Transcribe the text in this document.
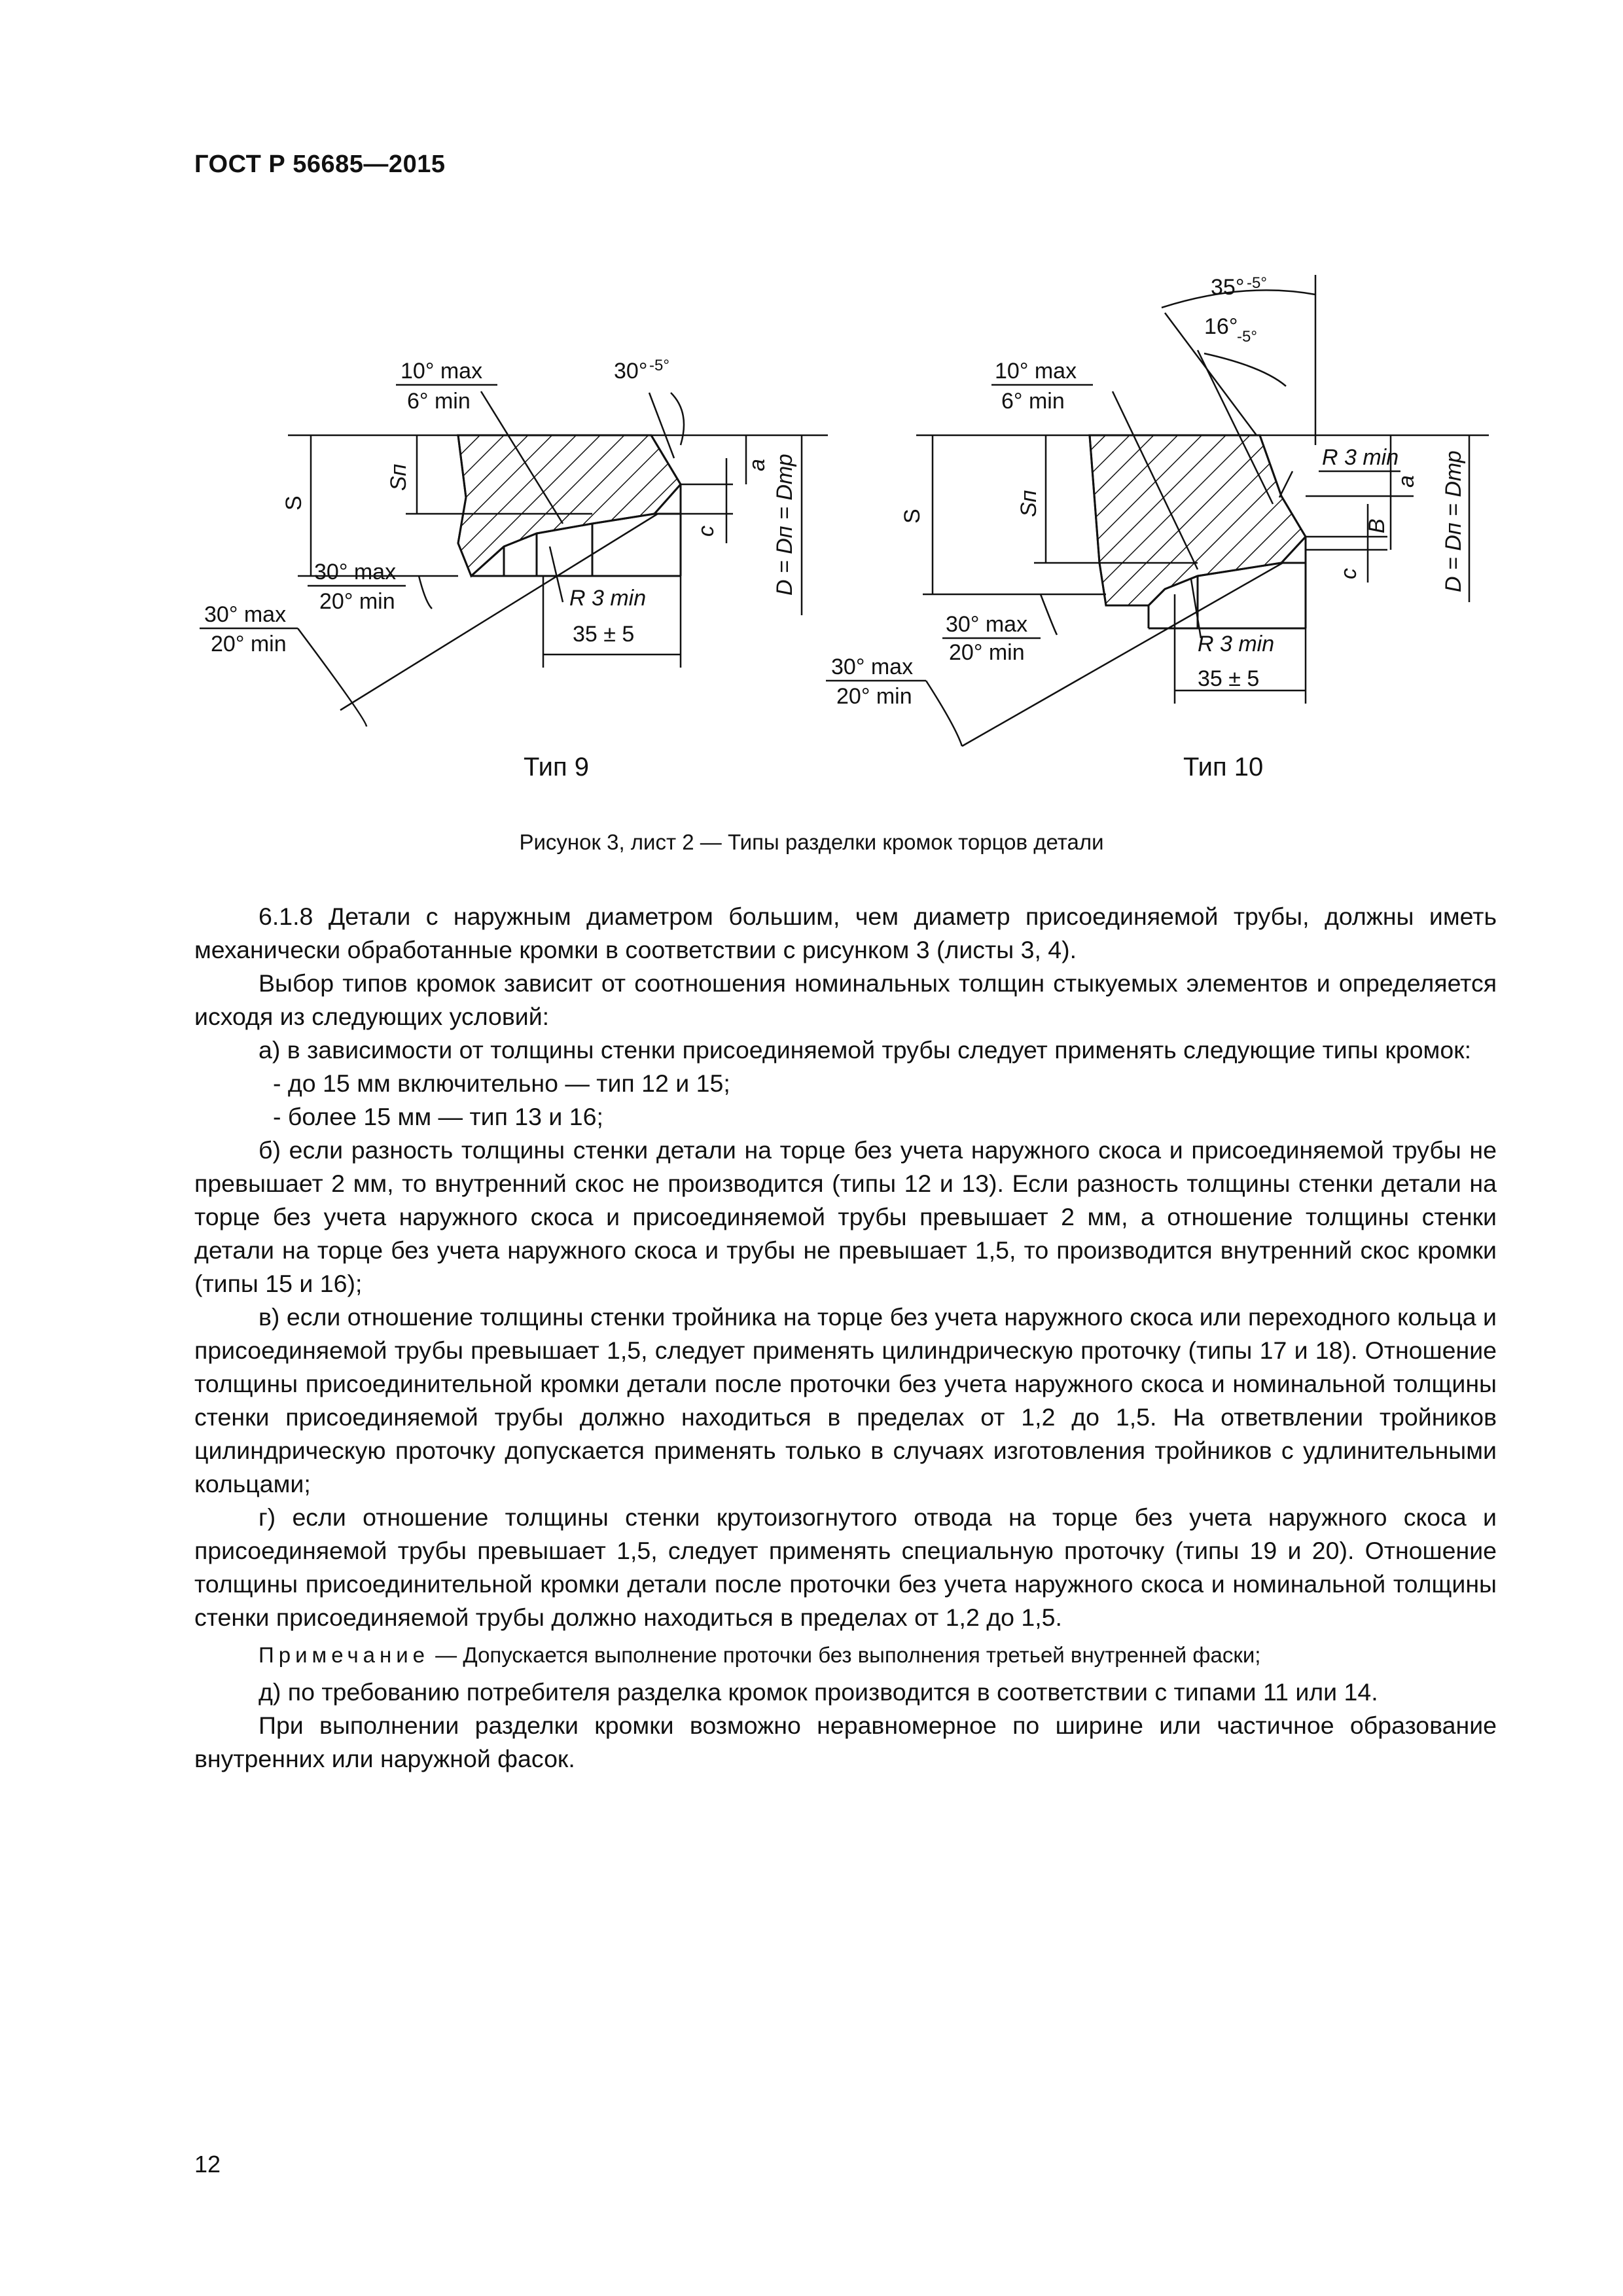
ГОСТ Р 56685—2015
10° max
6° min
30° -5°
30° max
20° min
30° max
20° min
R 3 min
35 ± 5
S
Sп	a
c D = Dп = Dтр
Тип 9
35° -5°
16°
-5°
10° max
6° min
R 3 min
30° max
20° min
30° max
20° min
R 3 min
35 ± 5
S	Sп
a
B
c	D = Dп = Dтр
Тип 10
Рисунок 3, лист 2 — Типы разделки кромок торцов детали

6.1.8 Детали с наружным диаметром большим, чем диаметр присоединяемой трубы, должны иметь механически обработанные кромки в соответствии с рисунком 3 (листы 3, 4).

Выбор типов кромок зависит от соотношения номинальных толщин стыкуемых элементов и определяется исходя из следующих условий:

а) в зависимости от толщины стенки присоединяемой трубы следует применять следующие типы кромок:

- до 15 мм включительно — тип 12 и 15;

- более 15 мм — тип 13 и 16;

б) если разность толщины стенки детали на торце без учета наружного скоса и присоединяемой трубы не превышает 2 мм, то внутренний скос не производится (типы 12 и 13). Если разность толщины стенки детали на торце без учета наружного скоса и присоединяемой трубы превышает 2 мм, а отношение толщины стенки детали на торце без учета наружного скоса и трубы не превышает 1,5, то производится внутренний скос кромки (типы 15 и 16);

в) если отношение толщины стенки тройника на торце без учета наружного скоса или переходного кольца и присоединяемой трубы превышает 1,5, следует применять цилиндрическую проточку (типы 17 и 18). Отношение толщины присоединительной кромки детали после проточки без учета наружного скоса и номинальной толщины стенки присоединяемой трубы должно находиться в пределах от 1,2 до 1,5. На ответвлении тройников цилиндрическую проточку допускается применять только в случаях изготовления тройников с удлинительными кольцами;

г) если отношение толщины стенки крутоизогнутого отвода на торце без учета наружного скоса и присоединяемой трубы превышает 1,5, следует применять специальную проточку (типы 19 и 20). Отношение толщины присоединительной кромки детали после проточки без учета наружного скоса и номинальной толщины стенки присоединяемой трубы должно находиться в пределах от 1,2 до 1,5.

Примечание — Допускается выполнение проточки без выполнения третьей внутренней фаски;

д) по требованию потребителя разделка кромок производится в соответствии с типами 11 или 14.

При выполнении разделки кромки возможно неравномерное по ширине или частичное образование внутренних или наружной фасок.

12
